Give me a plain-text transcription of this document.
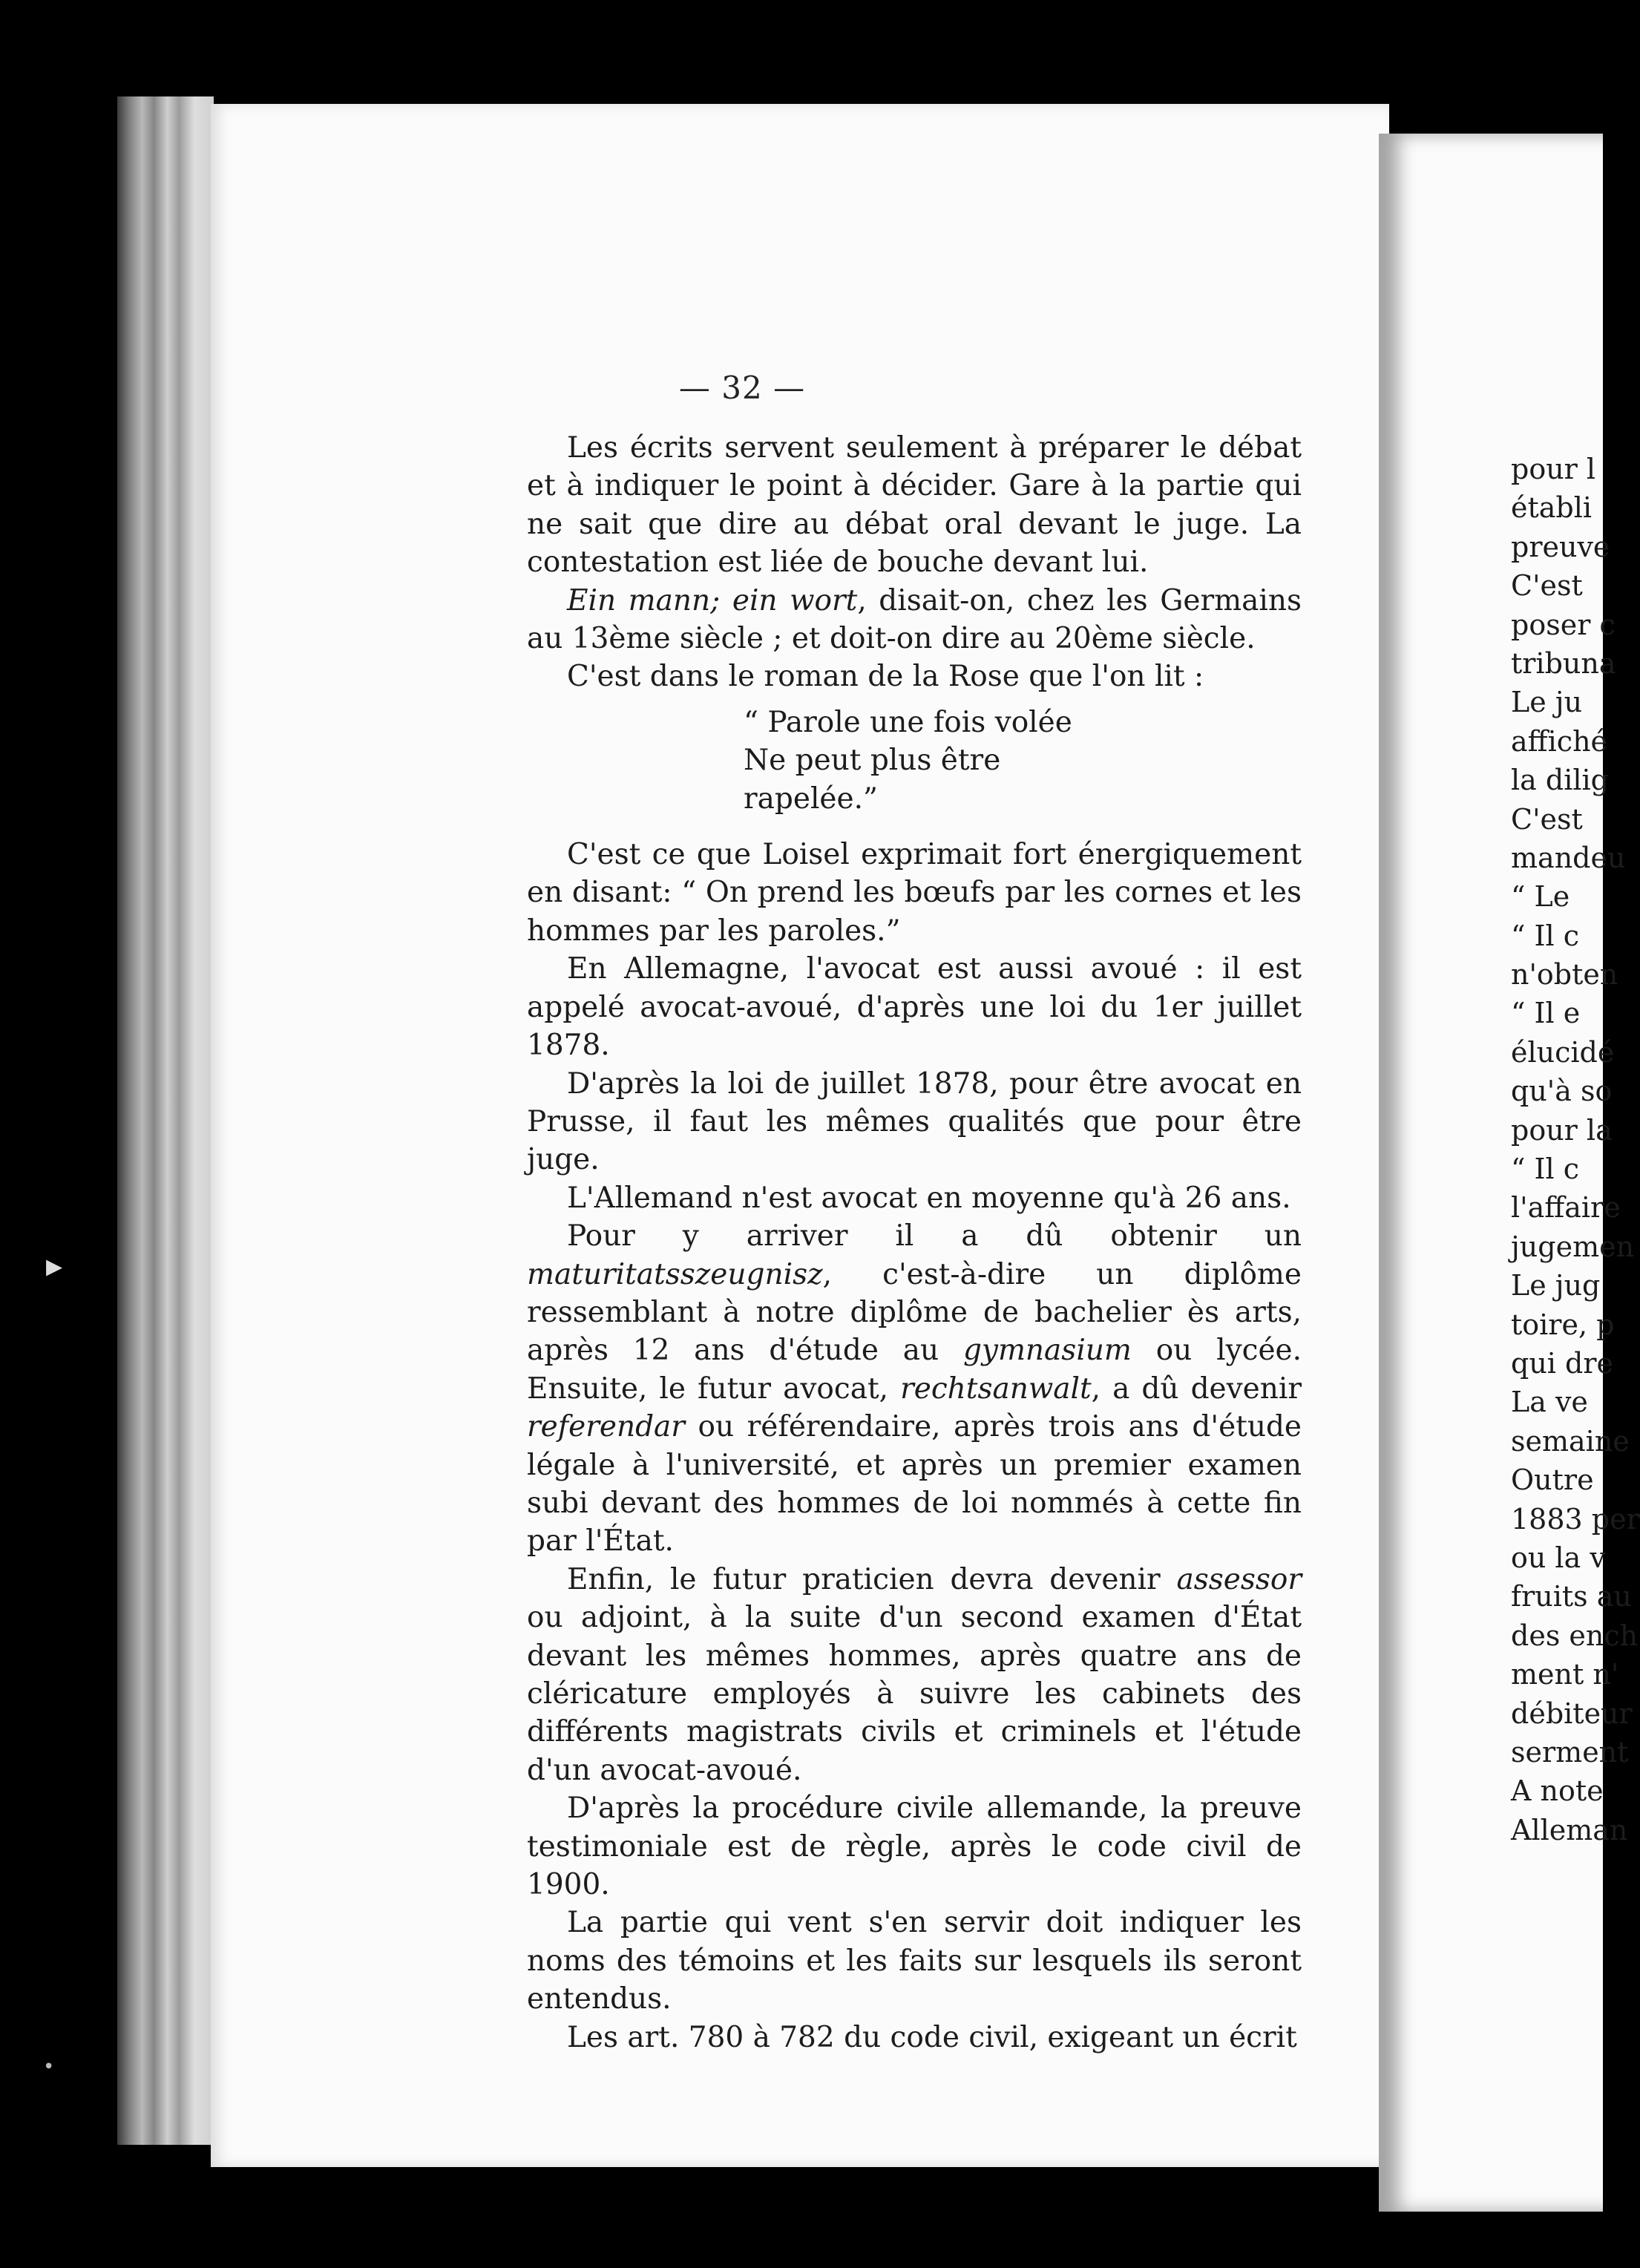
— 32 —

Les écrits servent seulement à préparer le débat et à indiquer le point à décider. Gare à la partie qui ne sait que dire au débat oral devant le juge. La contestation est liée de bouche devant lui.

Ein mann; ein wort, disait-on, chez les Germains au 13ème siècle ; et doit-on dire au 20ème siècle.

C'est dans le roman de la Rose que l'on lit :

“ Parole une fois volée
Ne peut plus être rapelée.”

C'est ce que Loisel exprimait fort énergiquement en disant: “ On prend les bœufs par les cornes et les hommes par les paroles.”

En Allemagne, l'avocat est aussi avoué : il est appelé avocat-avoué, d'après une loi du 1er juillet 1878.

D'après la loi de juillet 1878, pour être avocat en Prusse, il faut les mêmes qualités que pour être juge.

L'Allemand n'est avocat en moyenne qu'à 26 ans.

Pour y arriver il a dû obtenir un maturitatsszeugnisz, c'est-à-dire un diplôme ressemblant à notre diplôme de bachelier ès arts, après 12 ans d'étude au gymnasium ou lycée. Ensuite, le futur avocat, rechtsanwalt, a dû devenir referendar ou référendaire, après trois ans d'étude légale à l'université, et après un premier examen subi devant des hommes de loi nommés à cette fin par l'État.

Enfin, le futur praticien devra devenir assessor ou adjoint, à la suite d'un second examen d'État devant les mêmes hommes, après quatre ans de cléricature employés à suivre les cabinets des différents magistrats civils et criminels et l'étude d'un avocat-avoué.

D'après la procédure civile allemande, la preuve testimoniale est de règle, après le code civil de 1900.

La partie qui vent s'en servir doit indiquer les noms des témoins et les faits sur lesquels ils seront entendus.

Les art. 780 à 782 du code civil, exigeant un écrit

pour l
établi
preuve
C'est
poser c
tribuna
Le ju
affiché
la dilig
C'est
mandeu
“ Le
“ Il c
n'obten
“ Il e
élucidé
qu'à so
pour la
“ Il c
l'affaire
jugemen
Le jug
toire, p
qui dre
La ve
semaine
Outre
1883 per
ou la v
fruits au
des ench
ment n'
débiteur
serment
A note
Alleman
▸
•
